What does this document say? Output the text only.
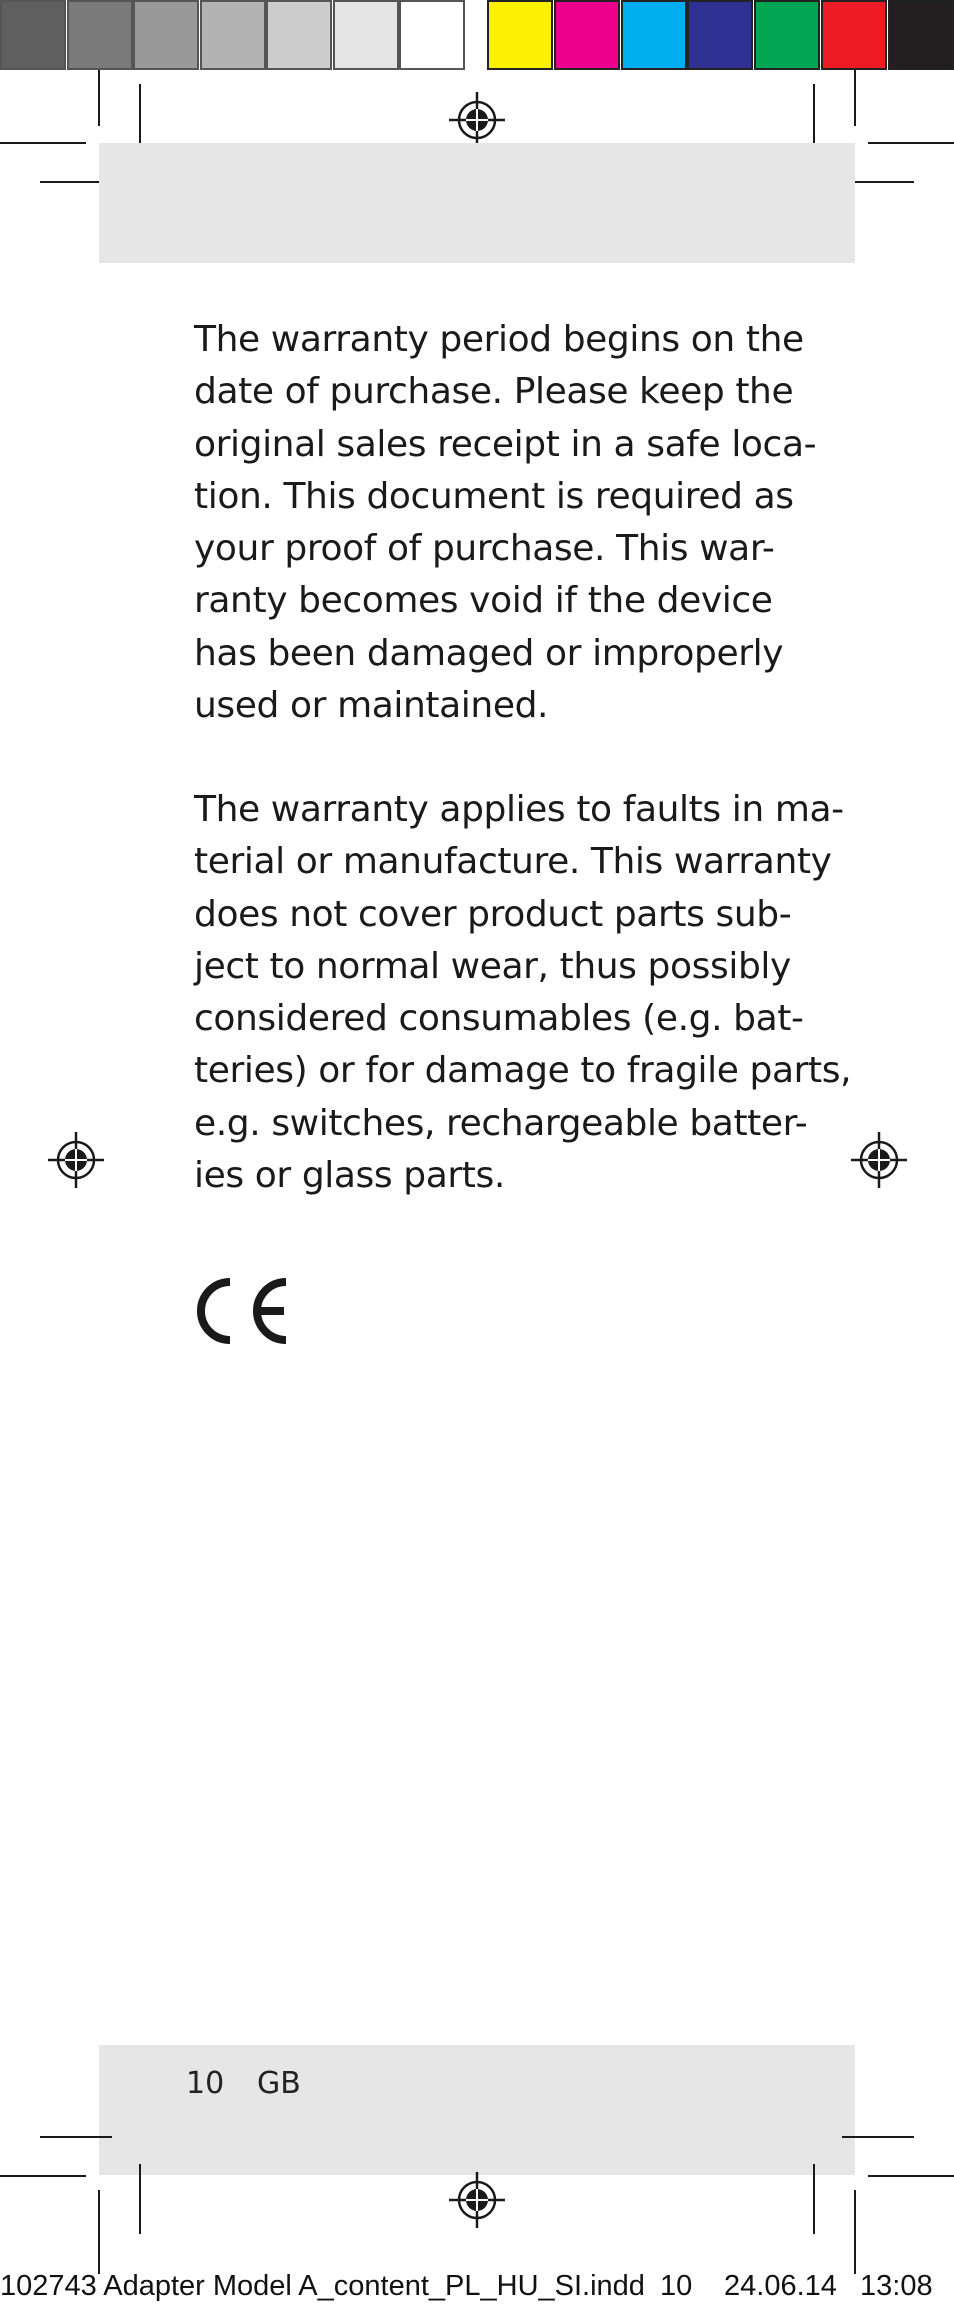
The warranty period begins on the
date of purchase. Please keep the
original sales receipt in a safe loca-
tion. This document is required as
your proof of purchase. This war-
ranty becomes void if the device
has been damaged or improperly
used or maintained.
The warranty applies to faults in ma-
terial or manufacture. This warranty
does not cover product parts sub-
ject to normal wear, thus possibly
considered consumables (e.g. bat-
teries) or for damage to fragile parts,
e.g. switches, rechargeable batter-
ies or glass parts.
10 GB
102743 Adapter Model A_content_PL_HU_SI.indd 10 24.06.14 13:08
